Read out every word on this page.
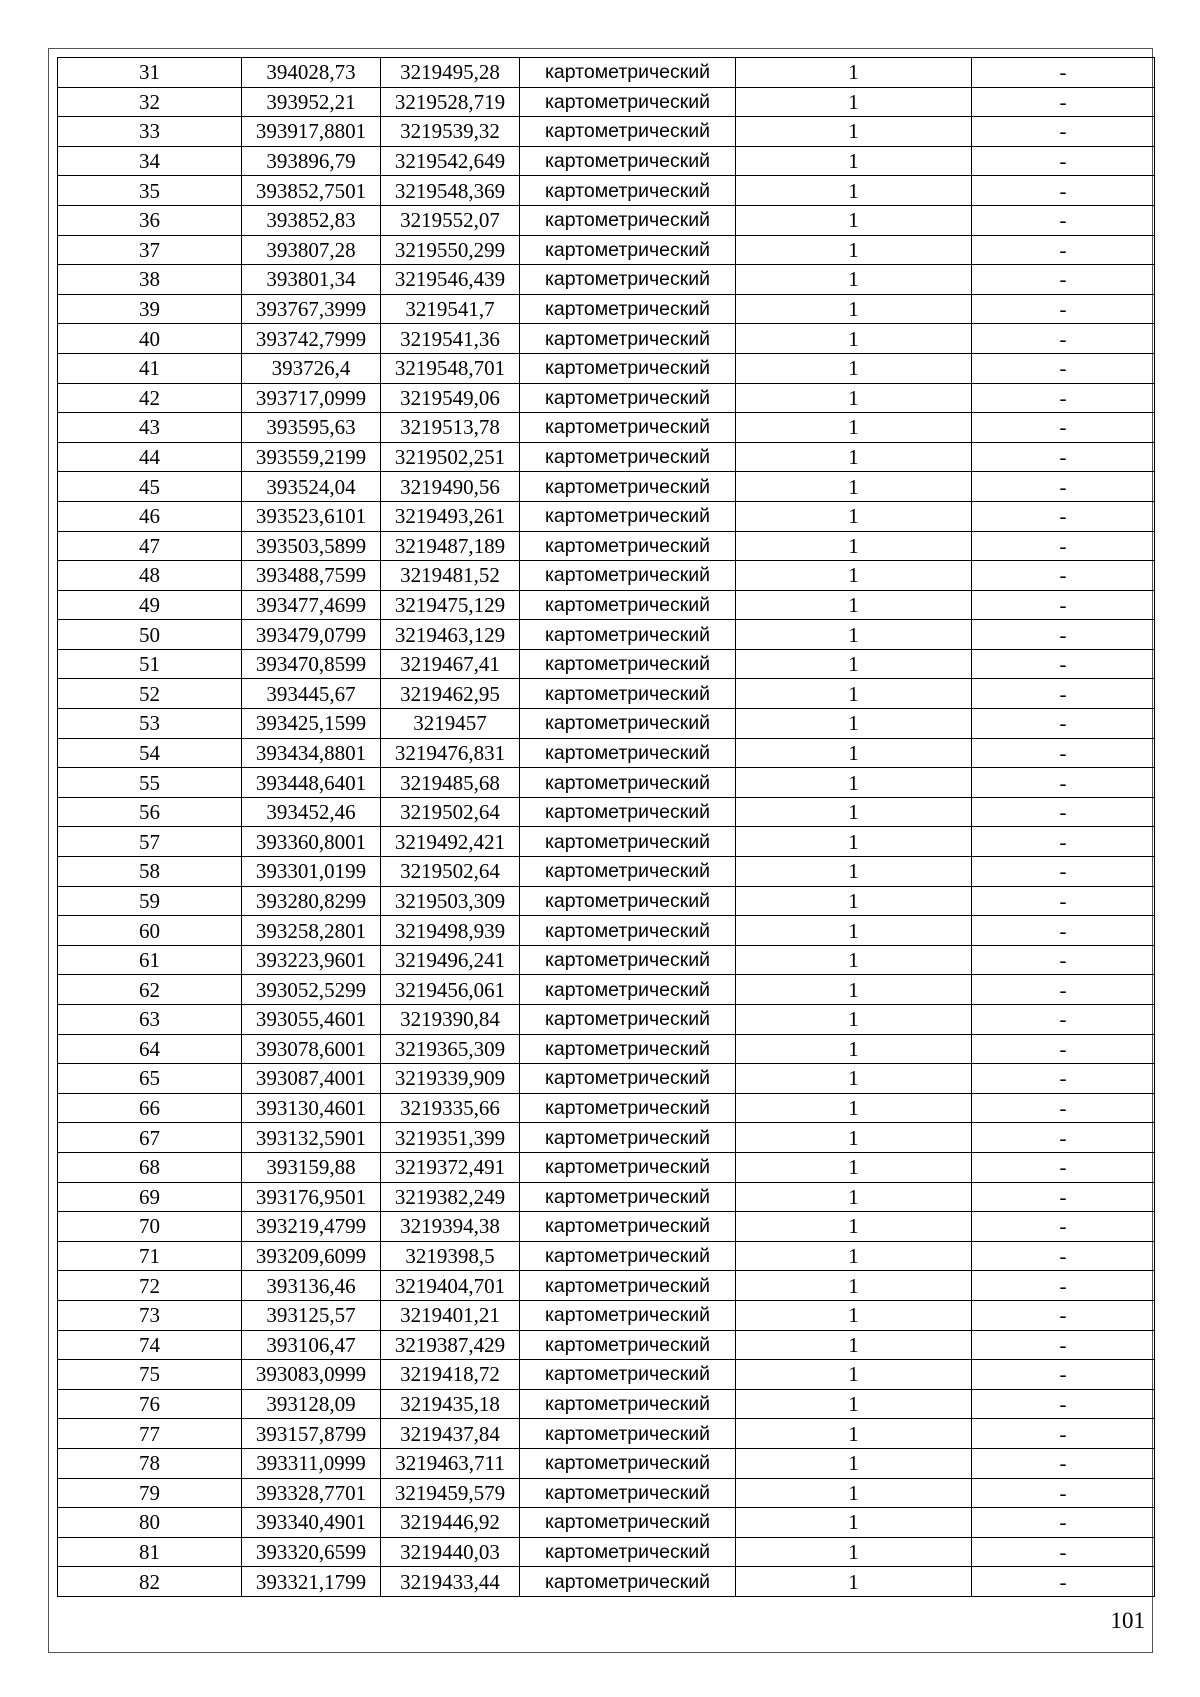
31	394028,73	3219495,28	картометрический	1	-
32	393952,21	3219528,719	картометрический	1	-
33	393917,8801	3219539,32	картометрический	1	-
34	393896,79	3219542,649	картометрический	1	-
35	393852,7501	3219548,369	картометрический	1	-
36	393852,83	3219552,07	картометрический	1	-
37	393807,28	3219550,299	картометрический	1	-
38	393801,34	3219546,439	картометрический	1	-
39	393767,3999	3219541,7	картометрический	1	-
40	393742,7999	3219541,36	картометрический	1	-
41	393726,4	3219548,701	картометрический	1	-
42	393717,0999	3219549,06	картометрический	1	-
43	393595,63	3219513,78	картометрический	1	-
44	393559,2199	3219502,251	картометрический	1	-
45	393524,04	3219490,56	картометрический	1	-
46	393523,6101	3219493,261	картометрический	1	-
47	393503,5899	3219487,189	картометрический	1	-
48	393488,7599	3219481,52	картометрический	1	-
49	393477,4699	3219475,129	картометрический	1	-
50	393479,0799	3219463,129	картометрический	1	-
51	393470,8599	3219467,41	картометрический	1	-
52	393445,67	3219462,95	картометрический	1	-
53	393425,1599	3219457	картометрический	1	-
54	393434,8801	3219476,831	картометрический	1	-
55	393448,6401	3219485,68	картометрический	1	-
56	393452,46	3219502,64	картометрический	1	-
57	393360,8001	3219492,421	картометрический	1	-
58	393301,0199	3219502,64	картометрический	1	-
59	393280,8299	3219503,309	картометрический	1	-
60	393258,2801	3219498,939	картометрический	1	-
61	393223,9601	3219496,241	картометрический	1	-
62	393052,5299	3219456,061	картометрический	1	-
63	393055,4601	3219390,84	картометрический	1	-
64	393078,6001	3219365,309	картометрический	1	-
65	393087,4001	3219339,909	картометрический	1	-
66	393130,4601	3219335,66	картометрический	1	-
67	393132,5901	3219351,399	картометрический	1	-
68	393159,88	3219372,491	картометрический	1	-
69	393176,9501	3219382,249	картометрический	1	-
70	393219,4799	3219394,38	картометрический	1	-
71	393209,6099	3219398,5	картометрический	1	-
72	393136,46	3219404,701	картометрический	1	-
73	393125,57	3219401,21	картометрический	1	-
74	393106,47	3219387,429	картометрический	1	-
75	393083,0999	3219418,72	картометрический	1	-
76	393128,09	3219435,18	картометрический	1	-
77	393157,8799	3219437,84	картометрический	1	-
78	393311,0999	3219463,711	картометрический	1	-
79	393328,7701	3219459,579	картометрический	1	-
80	393340,4901	3219446,92	картометрический	1	-
81	393320,6599	3219440,03	картометрический	1	-
82	393321,1799	3219433,44	картометрический	1	-
101
